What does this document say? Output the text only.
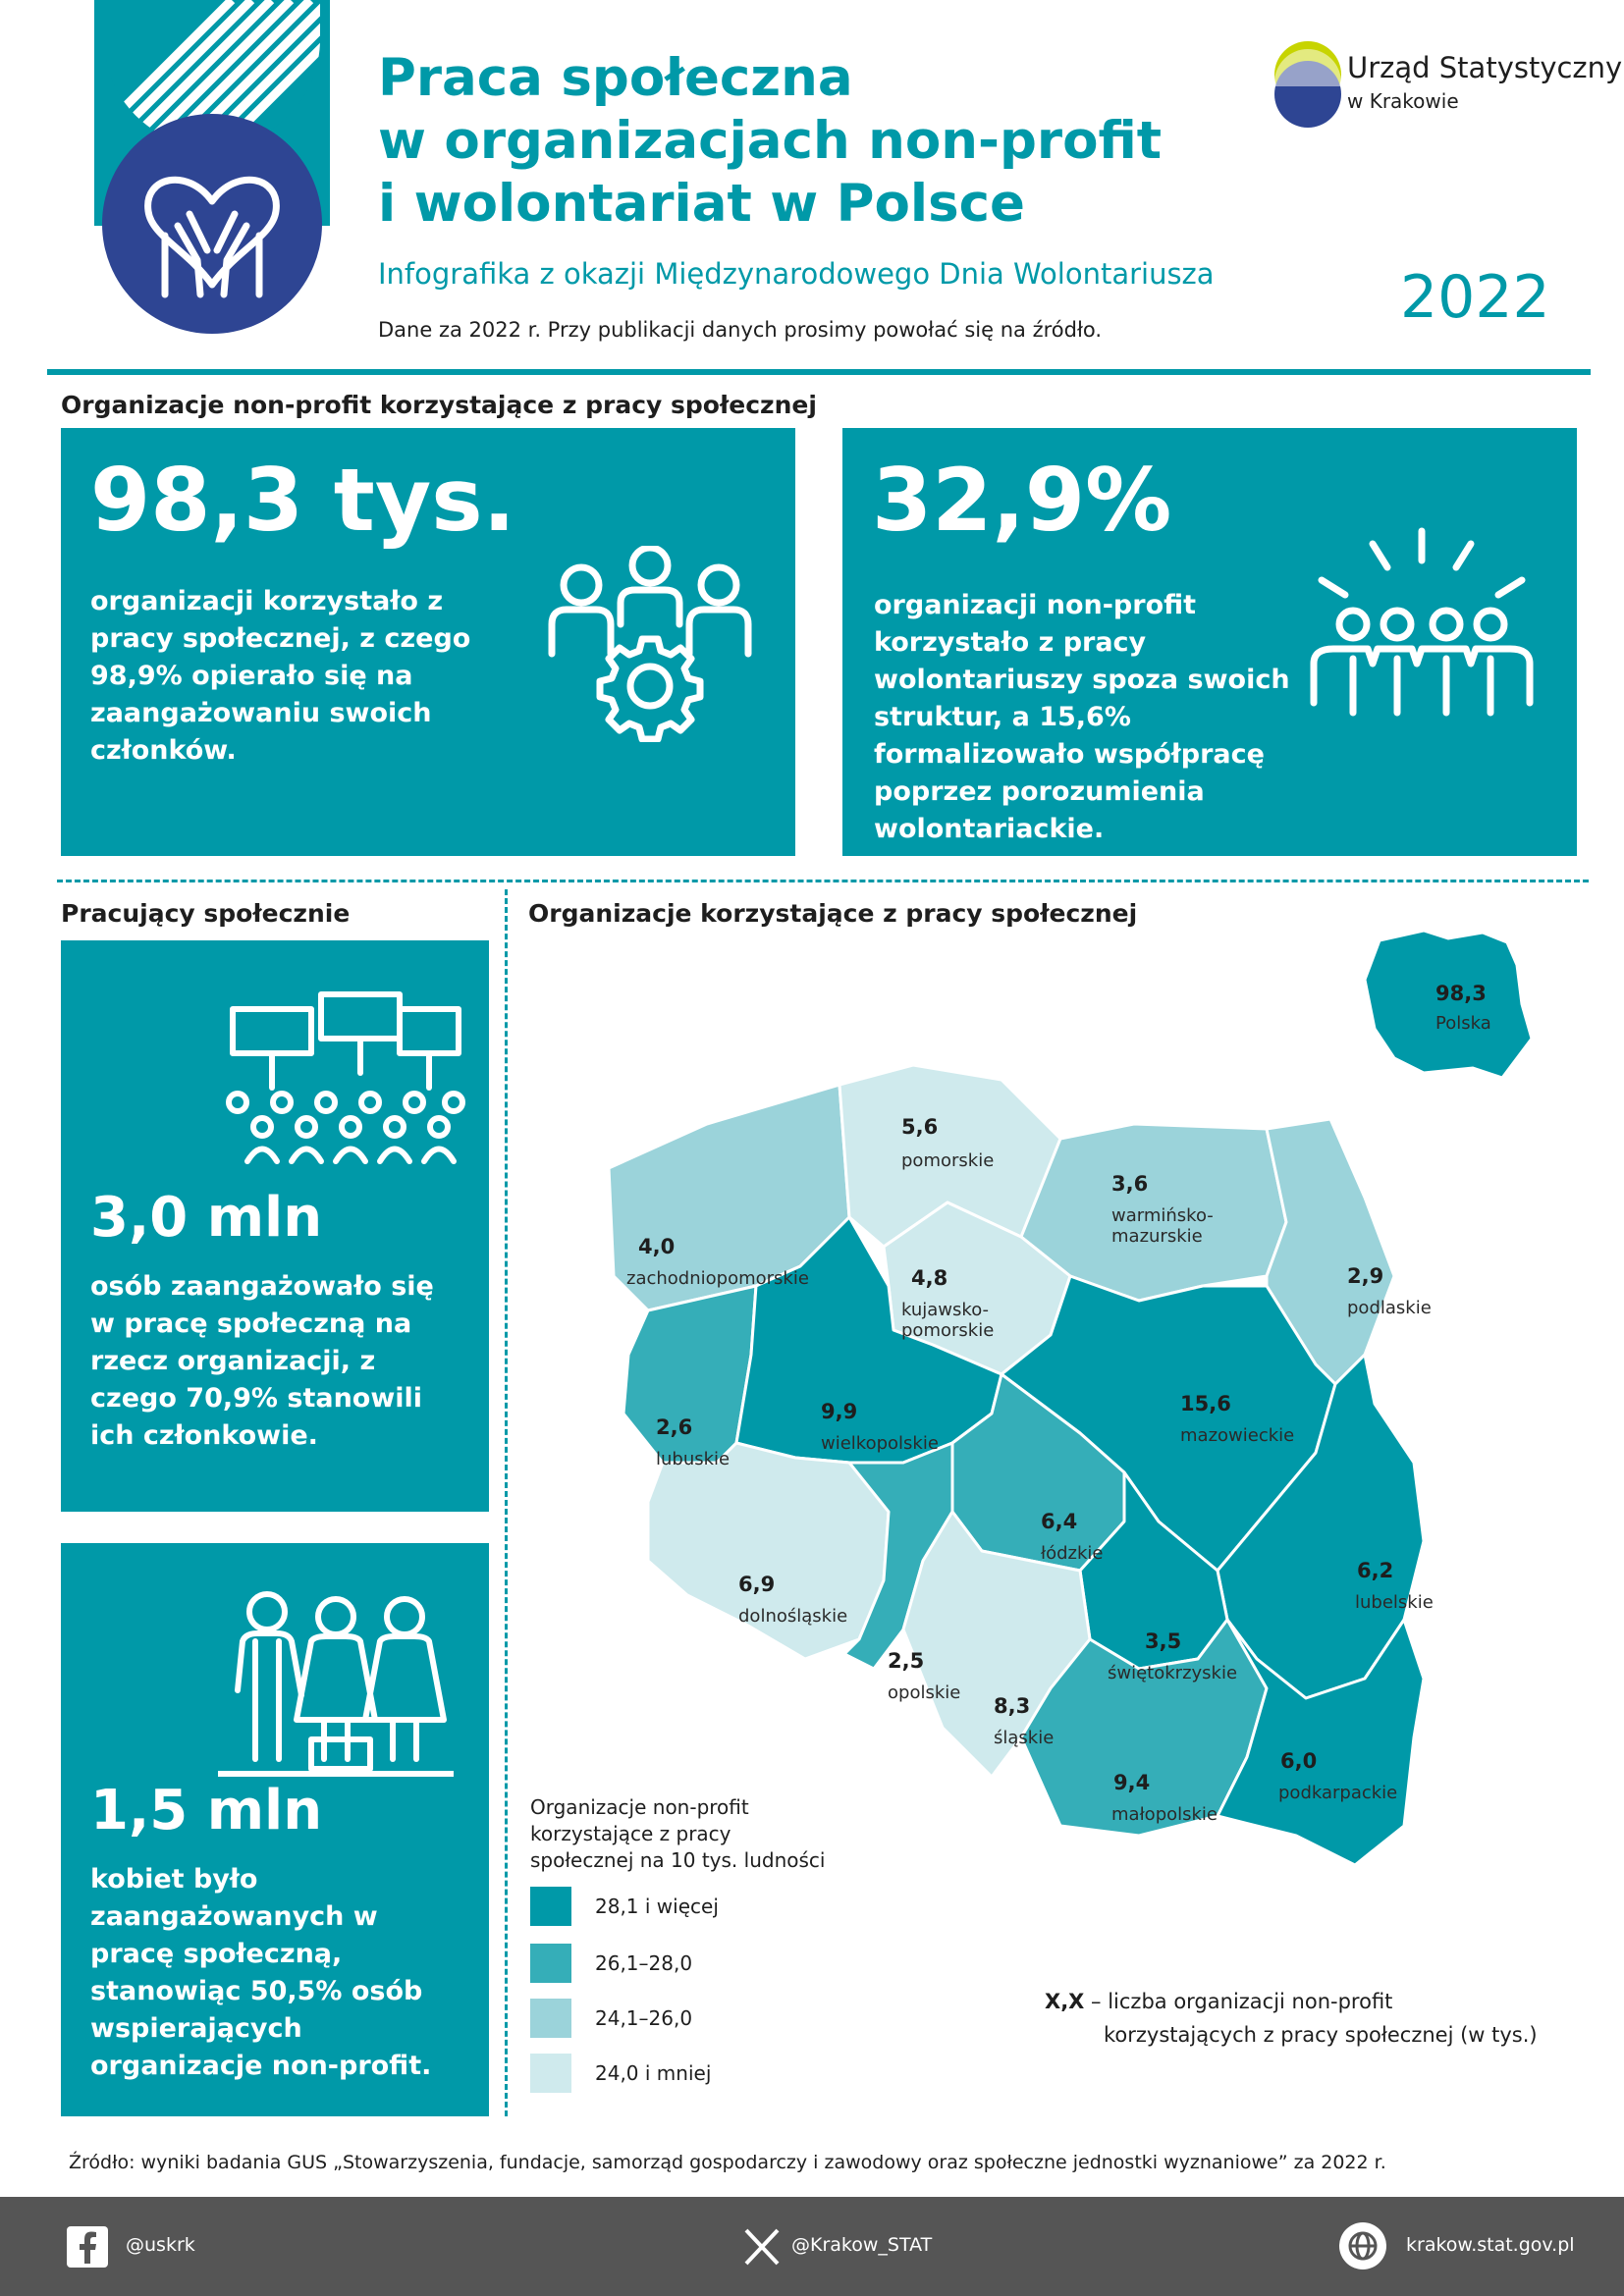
Praca społeczna
w organizacjach non-profit
i wolontariat w Polsce
Infografika z okazji Międzynarodowego Dnia Wolontariusza
Dane za 2022 r. Przy publikacji danych prosimy powołać się na źródło.	2022
Urząd Statystyczny
w Krakowie
Organizacje non-profit korzystające z pracy społecznej
98,3 tys.
organizacji korzystało z pracy społecznej, z czego 98,9% opierało się na zaangażowaniu swoich członków.
32,9%
organizacji non-profit korzystało z pracy wolontariuszy spoza swoich struktur, a 15,6% formalizowało współpracę poprzez porozumienia wolontariackie.
Pracujący społecznie
3,0 mln
osób zaangażowało się w pracę społeczną na rzecz organizacji, z czego 70,9% stanowili ich członkowie.
1,5 mln
kobiet było zaangażowanych w pracę społeczną, stanowiąc 50,5% osób wspierających organizacje non-profit.
Organizacje korzystające z pracy społecznej
98,3
Polska
5,6
pomorskie
3,6
warmińsko-mazurskie
4,0
zachodniopomorskie	4,8
kujawsko-pomorskie
2,9
podlaskie
2,6
lubuskie
9,9
wielkopolskie
15,6
mazowieckie
6,4
łódzkie
6,2
lubelskie
6,9
dolnośląskie
2,5
opolskie
3,5
świętokrzyskie
8,3
śląskie
9,4
małopolskie
6,0
podkarpackie
Organizacje non-profit
korzystające z pracy
społecznej na 10 tys. ludności
28,1 i więcej
26,1–28,0
24,1–26,0
24,0 i mniej
X,X – liczba organizacji non-profit
korzystających z pracy społecznej (w tys.)
Źródło: wyniki badania GUS „Stowarzyszenia, fundacje, samorząd gospodarczy i zawodowy oraz społeczne jednostki wyznaniowe” za 2022 r.
@uskrk	@Krakow_STAT	krakow.stat.gov.pl
